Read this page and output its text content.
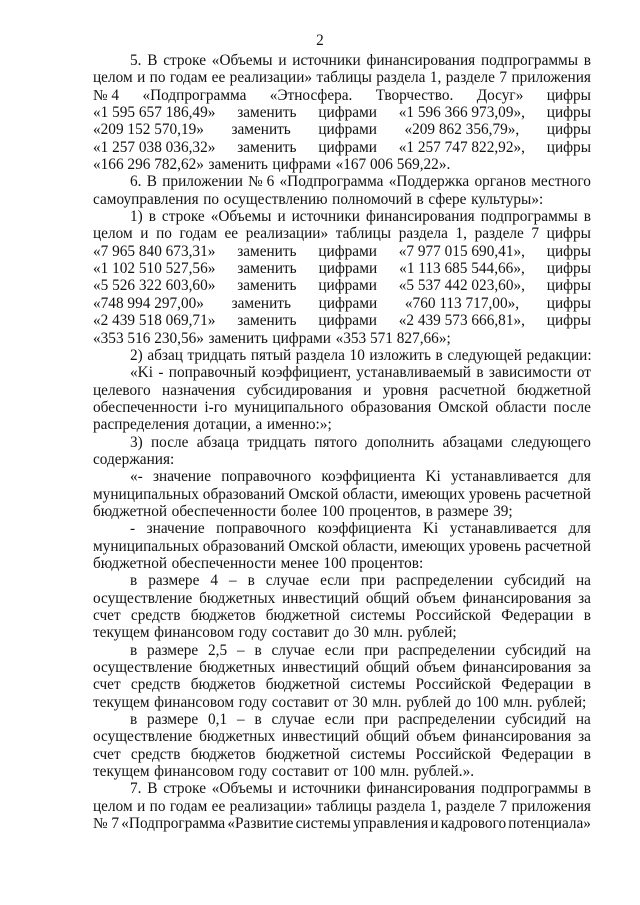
2
5. В строке «Объемы и источники финансирования подпрограммы в
целом и по годам ее реализации» таблицы раздела 1, разделе 7 приложения
№ 4 «Подпрограмма «Этносфера. Творчество. Досуг» цифры
«1 595 657 186,49» заменить цифрами «1 596 366 973,09», цифры
«209 152 570,19» заменить цифрами «209 862 356,79», цифры
«1 257 038 036,32» заменить цифрами «1 257 747 822,92», цифры
«166 296 782,62» заменить цифрами «167 006 569,22».
6. В приложении № 6 «Подпрограмма «Поддержка органов местного
самоуправления по осуществлению полномочий в сфере культуры»:
1) в строке «Объемы и источники финансирования подпрограммы в
целом и по годам ее реализации» таблицы раздела 1, разделе 7 цифры
«7 965 840 673,31» заменить цифрами «7 977 015 690,41», цифры
«1 102 510 527,56» заменить цифрами «1 113 685 544,66», цифры
«5 526 322 603,60» заменить цифрами «5 537 442 023,60», цифры
«748 994 297,00» заменить цифрами «760 113 717,00», цифры
«2 439 518 069,71» заменить цифрами «2 439 573 666,81», цифры
«353 516 230,56» заменить цифрами «353 571 827,66»;
2) абзац тридцать пятый раздела 10 изложить в следующей редакции:
«Ki - поправочный коэффициент, устанавливаемый в зависимости от
целевого назначения субсидирования и уровня расчетной бюджетной
обеспеченности i-го муниципального образования Омской области после
распределения дотации, а именно:»;
3) после абзаца тридцать пятого дополнить абзацами следующего
содержания:
«- значение поправочного коэффициента Ki устанавливается для
муниципальных образований Омской области, имеющих уровень расчетной
бюджетной обеспеченности более 100 процентов, в размере 39;
- значение поправочного коэффициента Ki устанавливается для
муниципальных образований Омской области, имеющих уровень расчетной
бюджетной обеспеченности менее 100 процентов:
в размере 4 – в случае если при распределении субсидий на
осуществление бюджетных инвестиций общий объем финансирования за
счет средств бюджетов бюджетной системы Российской Федерации в
текущем финансовом году составит до 30 млн. рублей;
в размере 2,5 – в случае если при распределении субсидий на
осуществление бюджетных инвестиций общий объем финансирования за
счет средств бюджетов бюджетной системы Российской Федерации в
текущем финансовом году составит от 30 млн. рублей до 100 млн. рублей;
в размере 0,1 – в случае если при распределении субсидий на
осуществление бюджетных инвестиций общий объем финансирования за
счет средств бюджетов бюджетной системы Российской Федерации в
текущем финансовом году составит от 100 млн. рублей.».
7. В строке «Объемы и источники финансирования подпрограммы в
целом и по годам ее реализации» таблицы раздела 1, разделе 7 приложения
№ 7 «Подпрограмма «Развитие системы управления и кадрового потенциала»
